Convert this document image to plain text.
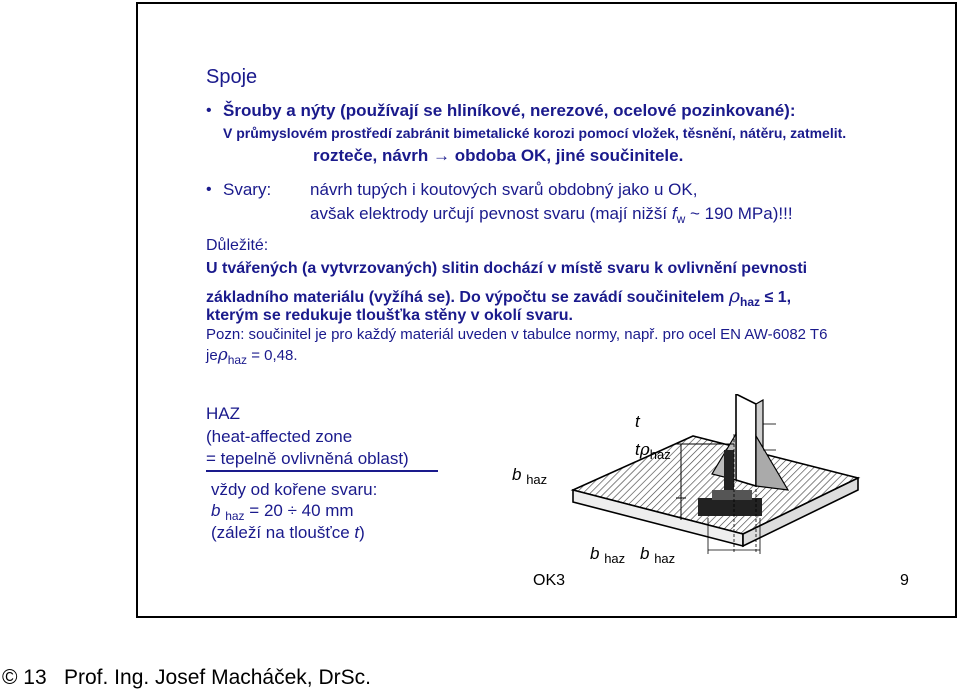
Spoje
• Šrouby a nýty (používají se hliníkové, nerezové, ocelové pozinkované):
V průmyslovém prostředí zabránit bimetalické korozi pomocí vložek, těsnění, nátěru, zatmelit.
rozteče, návrh → obdoba OK, jiné součinitele.
• Svary: návrh tupých i koutových svarů obdobný jako u OK,
avšak elektrody určují pevnost svaru (mají nižší $f_w$ ~ 190 MPa)!!!
Důležité:
U tvářených (a vytvrzovaných) slitin dochází v místě svaru k ovlivnění pevnosti
základního materiálu (vyžíhá se). Do výpočtu se zavádí součinitelem $\rho_{haz} \le 1$,
kterým se redukuje tloušťka stěny v okolí svaru.
Pozn: součinitel je pro každý materiál uveden v tabulce normy, např. pro ocel EN AW-6082 T6
jeρ$_{haz}$ = 0,48.
HAZ
(heat-affected zone
= tepelně ovlivněná oblast)
vždy od kořene svaru:
b $_{haz}$ = 20 ÷ 40 mm
(záleží na tloušťce t)
t
$t\rho_{haz}$
b $_{haz}$
b $_{haz}$ b $_{haz}$
OK3	9
© 13 Prof. Ing. Josef Macháček, DrSc.
